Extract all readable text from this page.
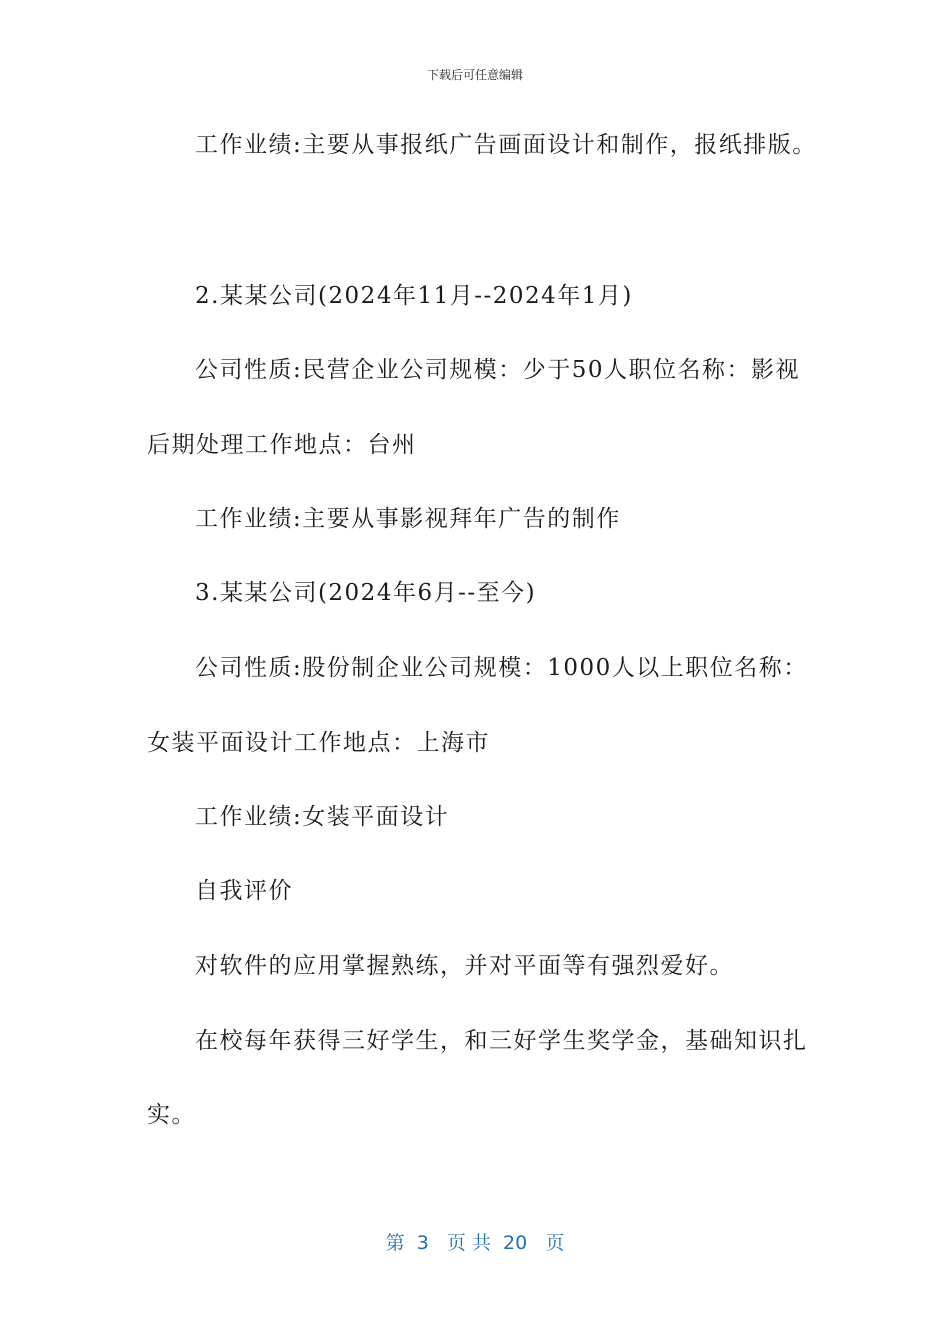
下载后可任意编辑
工作业绩:主要从事报纸广告画面设计和制作，报纸排版。
2.某某公司(2024年11月--2024年1月)
公司性质:民营企业公司规模：少于50人职位名称：影视
后期处理工作地点：台州
工作业绩:主要从事影视拜年广告的制作
3.某某公司(2024年6月--至今)
公司性质:股份制企业公司规模：1000人以上职位名称：
女装平面设计工作地点：上海市
工作业绩:女装平面设计
自我评价
对软件的应用掌握熟练，并对平面等有强烈爱好。
在校每年获得三好学生，和三好学生奖学金，基础知识扎
实。
第  3   页 共  20   页
